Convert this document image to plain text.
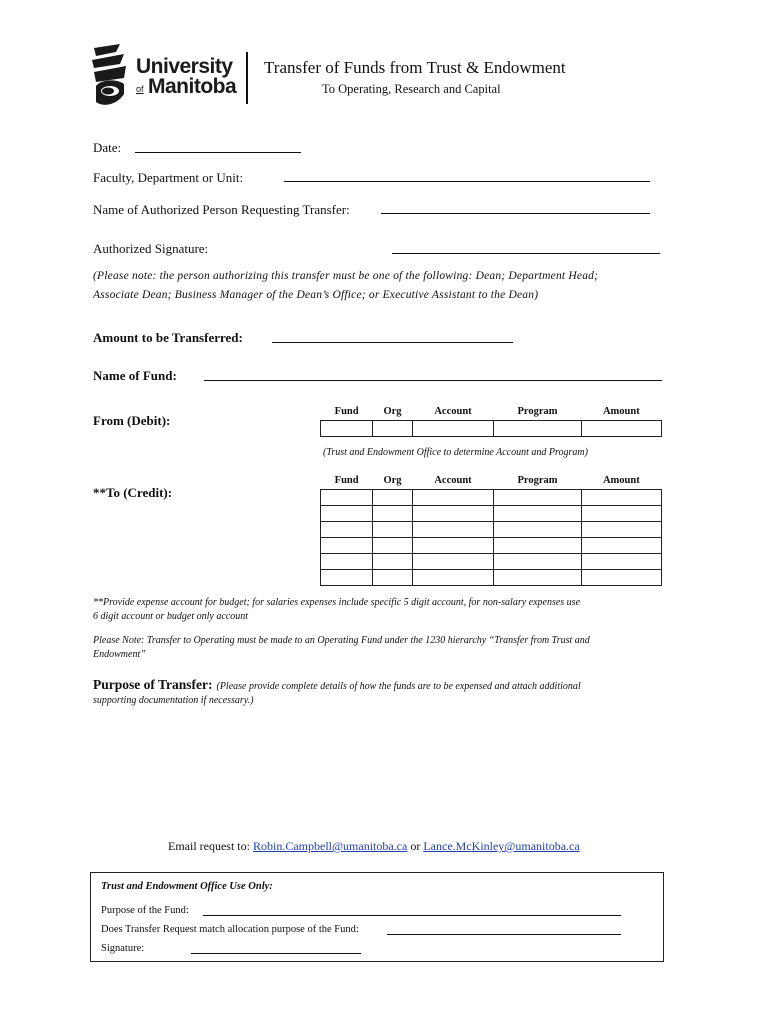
University
of Manitoba
Transfer of Funds from Trust & Endowment
To Operating, Research and Capital
Date:
Faculty, Department or Unit:
Name of Authorized Person Requesting Transfer:
Authorized Signature:
(Please note: the person authorizing this transfer must be one of the following: Dean; Department Head;
Associate Dean; Business Manager of the Dean’s Office; or Executive Assistant to the Dean)
Amount to be Transferred:
Name of Fund:
From (Debit):
Fund	Org	Account	Program	Amount

(Trust and Endowment Office to determine Account and Program)
**To (Credit):
Fund	Org	Account	Program	Amount

**Provide expense account for budget; for salaries expenses include specific 5 digit account, for non-salary expenses use
6 digit account or budget only account
Please Note: Transfer to Operating must be made to an Operating Fund under the 1230 hierarchy “Transfer from Trust and
Endowment”
Purpose of Transfer: (Please provide complete details of how the funds are to be expensed and attach additional
supporting documentation if necessary.)
Email request to: Robin.Campbell@umanitoba.ca or Lance.McKinley@umanitoba.ca
Trust and Endowment Office Use Only:
Purpose of the Fund:
Does Transfer Request match allocation purpose of the Fund:
Signature:
